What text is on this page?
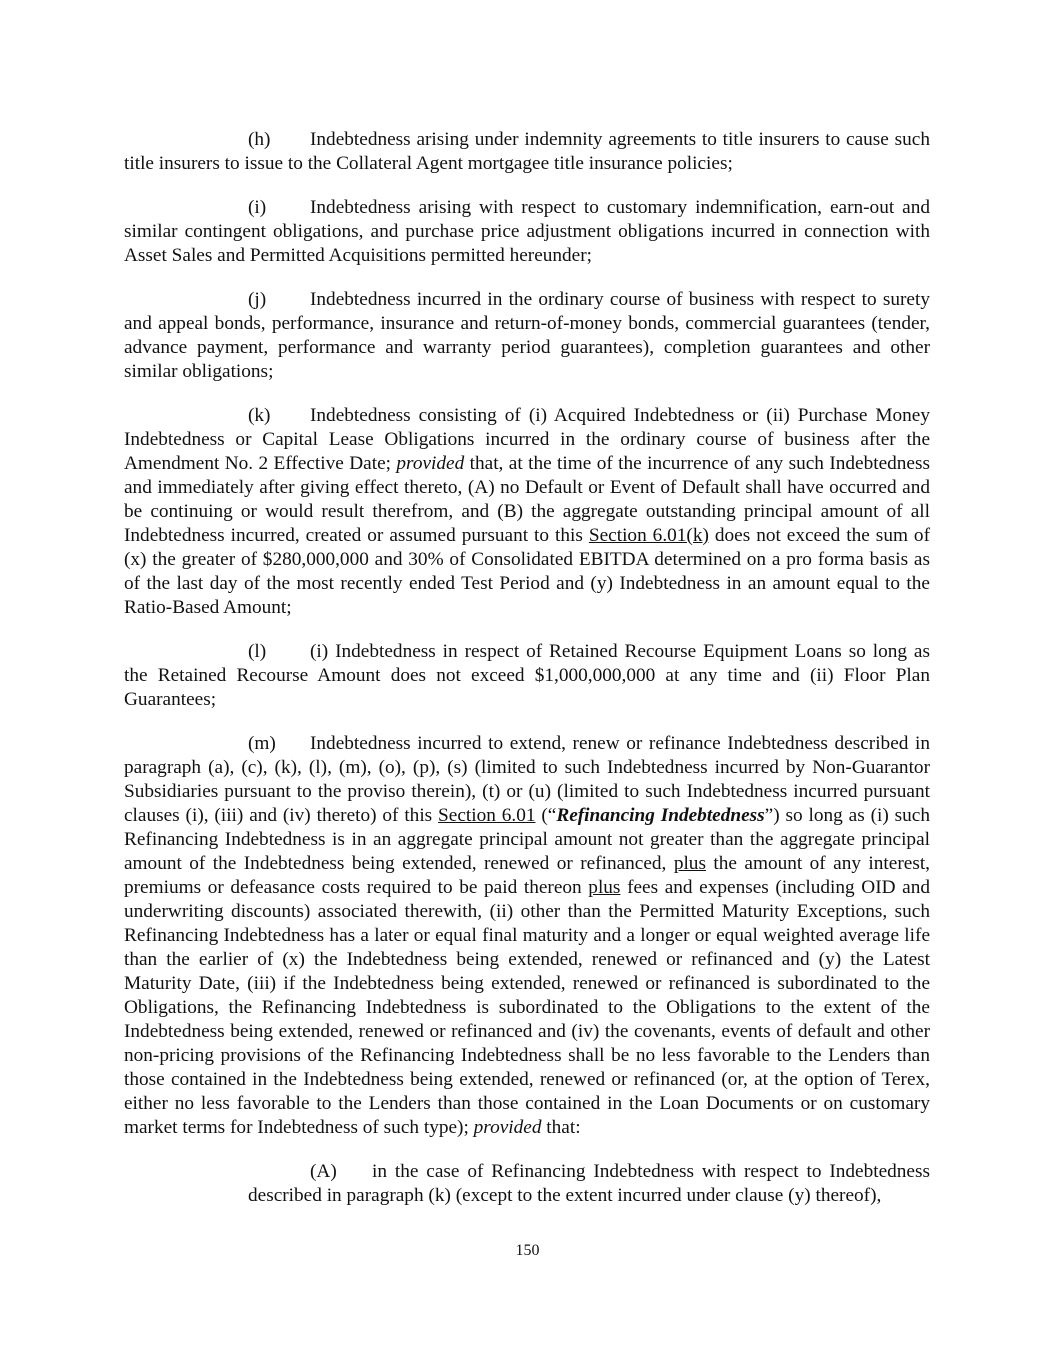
(h) Indebtedness arising under indemnity agreements to title insurers to cause such title insurers to issue to the Collateral Agent mortgagee title insurance policies;

(i) Indebtedness arising with respect to customary indemnification, earn-out and similar contingent obligations, and purchase price adjustment obligations incurred in connection with Asset Sales and Permitted Acquisitions permitted hereunder;

(j) Indebtedness incurred in the ordinary course of business with respect to surety and appeal bonds, performance, insurance and return-of-money bonds, commercial guarantees (tender, advance payment, performance and warranty period guarantees), completion guarantees and other similar obligations;

(k) Indebtedness consisting of (i) Acquired Indebtedness or (ii) Purchase Money Indebtedness or Capital Lease Obligations incurred in the ordinary course of business after the Amendment No. 2 Effective Date; provided that, at the time of the incurrence of any such Indebtedness and immediately after giving effect thereto, (A) no Default or Event of Default shall have occurred and be continuing or would result therefrom, and (B) the aggregate outstanding principal amount of all Indebtedness incurred, created or assumed pursuant to this Section 6.01(k) does not exceed the sum of (x) the greater of $280,000,000 and 30% of Consolidated EBITDA determined on a pro forma basis as of the last day of the most recently ended Test Period and (y) Indebtedness in an amount equal to the Ratio-Based Amount;

(l) (i) Indebtedness in respect of Retained Recourse Equipment Loans so long as the Retained Recourse Amount does not exceed $1,000,000,000 at any time and (ii) Floor Plan Guarantees;

(m) Indebtedness incurred to extend, renew or refinance Indebtedness described in paragraph (a), (c), (k), (l), (m), (o), (p), (s) (limited to such Indebtedness incurred by Non-Guarantor Subsidiaries pursuant to the proviso therein), (t) or (u) (limited to such Indebtedness incurred pursuant clauses (i), (iii) and (iv) thereto) of this Section 6.01 (“Refinancing Indebtedness”) so long as (i) such Refinancing Indebtedness is in an aggregate principal amount not greater than the aggregate principal amount of the Indebtedness being extended, renewed or refinanced, plus the amount of any interest, premiums or defeasance costs required to be paid thereon plus fees and expenses (including OID and underwriting discounts) associated therewith, (ii) other than the Permitted Maturity Exceptions, such Refinancing Indebtedness has a later or equal final maturity and a longer or equal weighted average life than the earlier of (x) the Indebtedness being extended, renewed or refinanced and (y) the Latest Maturity Date, (iii) if the Indebtedness being extended, renewed or refinanced is subordinated to the Obligations, the Refinancing Indebtedness is subordinated to the Obligations to the extent of the Indebtedness being extended, renewed or refinanced and (iv) the covenants, events of default and other non-pricing provisions of the Refinancing Indebtedness shall be no less favorable to the Lenders than those contained in the Indebtedness being extended, renewed or refinanced (or, at the option of Terex, either no less favorable to the Lenders than those contained in the Loan Documents or on customary market terms for Indebtedness of such type); provided that:

(A) in the case of Refinancing Indebtedness with respect to Indebtedness described in paragraph (k) (except to the extent incurred under clause (y) thereof),

150
